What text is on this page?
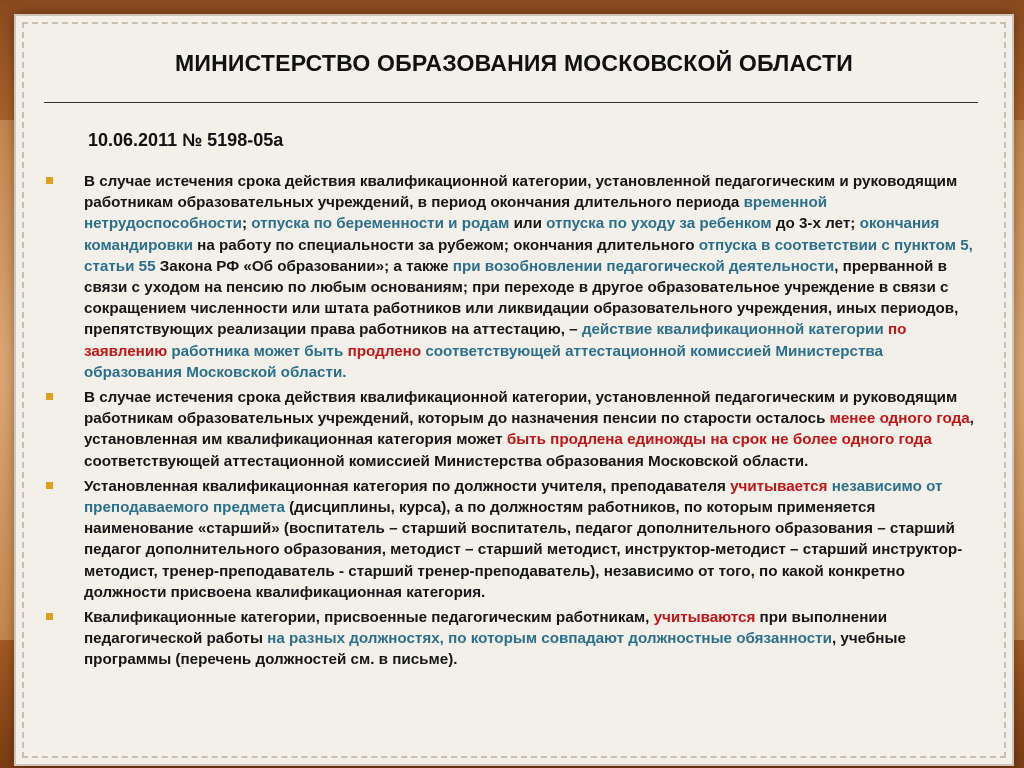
МИНИСТЕРСТВО ОБРАЗОВАНИЯ МОСКОВСКОЙ ОБЛАСТИ
10.06.2011 № 5198-05а
В случае истечения срока действия квалификационной категории, установленной педагогическим и руководящим работникам образовательных учреждений, в период окончания длительного периода временной нетрудоспособности; отпуска по беременности и родам или отпуска по уходу за ребенком до 3-х лет; окончания командировки на работу по специальности за рубежом; окончания длительного отпуска в соответствии с пунктом 5, статьи 55 Закона РФ «Об образовании»; а также при возобновлении педагогической деятельности, прерванной в связи с уходом на пенсию по любым основаниям; при переходе в другое образовательное учреждение в связи с сокращением численности или штата работников или ликвидации образовательного учреждения, иных периодов, препятствующих реализации права работников на аттестацию, – действие квалификационной категории по заявлению работника может быть продлено соответствующей аттестационной комиссией Министерства образования Московской области.
В случае истечения срока действия квалификационной категории, установленной педагогическим и руководящим работникам образовательных учреждений, которым до назначения пенсии по старости осталось менее одного года, установленная им квалификационная категория может быть продлена единожды на срок не более одного года соответствующей аттестационной комиссией Министерства образования Московской области.
Установленная квалификационная категория по должности учителя, преподавателя учитывается независимо от преподаваемого предмета (дисциплины, курса), а по должностям работников, по которым применяется наименование «старший» (воспитатель – старший воспитатель, педагог дополнительного образования – старший педагог дополнительного образования, методист – старший методист, инструктор-методист – старший инструктор-методист, тренер-преподаватель - старший тренер-преподаватель), независимо от того, по какой конкретно должности присвоена квалификационная категория.
Квалификационные категории, присвоенные педагогическим работникам, учитываются при выполнении педагогической работы на разных должностях, по которым совпадают должностные обязанности, учебные программы (перечень должностей см. в письме).
